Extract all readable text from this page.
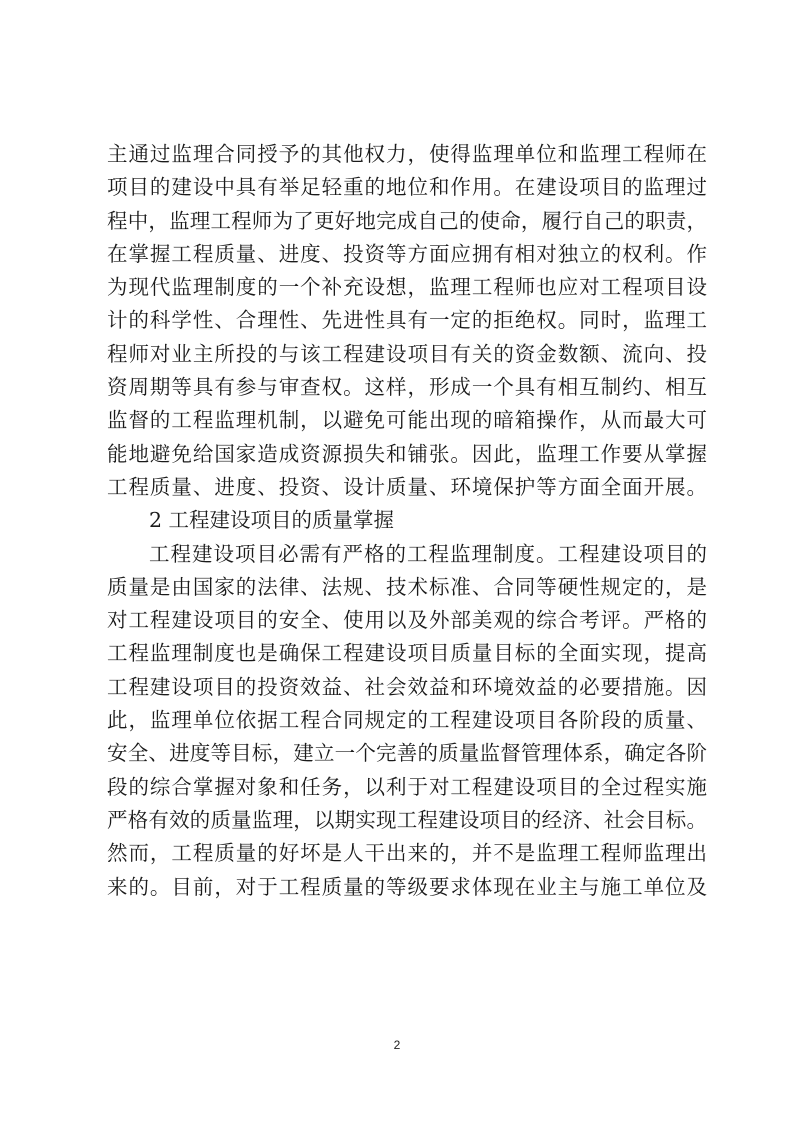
主通过监理合同授予的其他权力，使得监理单位和监理工程师在
项目的建设中具有举足轻重的地位和作用。在建设项目的监理过
程中，监理工程师为了更好地完成自己的使命，履行自己的职责，
在掌握工程质量、进度、投资等方面应拥有相对独立的权利。作
为现代监理制度的一个补充设想，监理工程师也应对工程项目设
计的科学性、合理性、先进性具有一定的拒绝权。同时，监理工
程师对业主所投的与该工程建设项目有关的资金数额、流向、投
资周期等具有参与审查权。这样，形成一个具有相互制约、相互
监督的工程监理机制，以避免可能出现的暗箱操作，从而最大可
能地避免给国家造成资源损失和铺张。因此，监理工作要从掌握
工程质量、进度、投资、设计质量、环境保护等方面全面开展。
2 工程建设项目的质量掌握
工程建设项目必需有严格的工程监理制度。工程建设项目的
质量是由国家的法律、法规、技术标准、合同等硬性规定的，是
对工程建设项目的安全、使用以及外部美观的综合考评。严格的
工程监理制度也是确保工程建设项目质量目标的全面实现，提高
工程建设项目的投资效益、社会效益和环境效益的必要措施。因
此，监理单位依据工程合同规定的工程建设项目各阶段的质量、
安全、进度等目标，建立一个完善的质量监督管理体系，确定各阶
段的综合掌握对象和任务，以利于对工程建设项目的全过程实施
严格有效的质量监理，以期实现工程建设项目的经济、社会目标。
然而，工程质量的好坏是人干出来的，并不是监理工程师监理出
来的。目前，对于工程质量的等级要求体现在业主与施工单位及
2
